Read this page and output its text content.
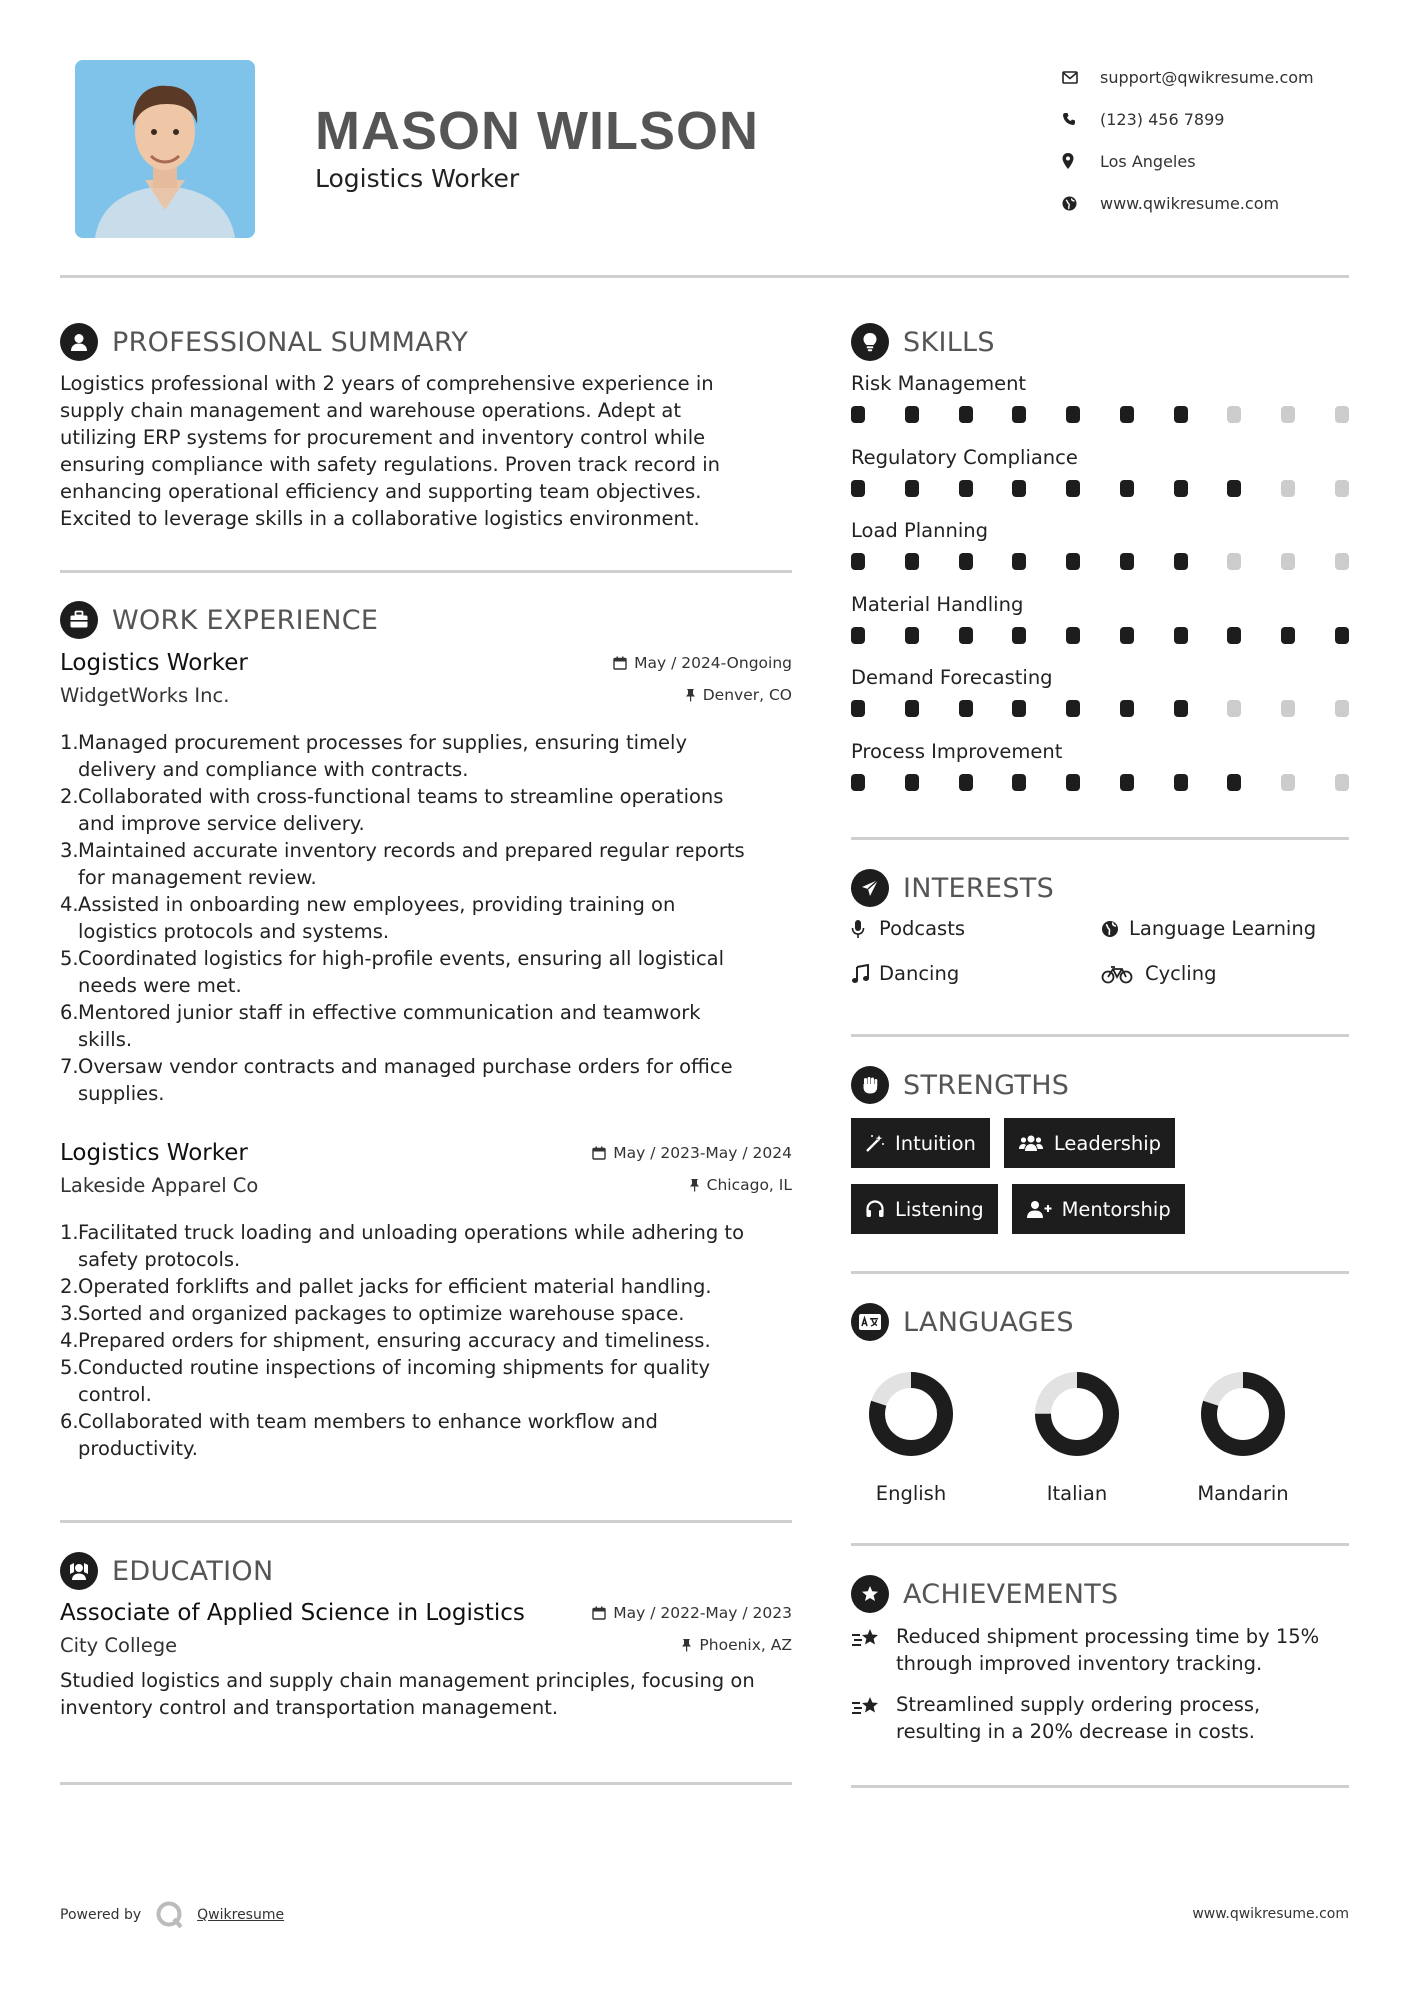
MASON WILSON
Logistics Worker
support@qwikresume.com
(123) 456 7899
Los Angeles
www.qwikresume.com
PROFESSIONAL SUMMARY
Logistics professional with 2 years of comprehensive experience in
supply chain management and warehouse operations. Adept at
utilizing ERP systems for procurement and inventory control while
ensuring compliance with safety regulations. Proven track record in
enhancing operational efficiency and supporting team objectives.
Excited to leverage skills in a collaborative logistics environment.
WORK EXPERIENCE
Logistics Worker	May / 2024-Ongoing
WidgetWorks Inc.	Denver, CO
1. Managed procurement processes for supplies, ensuring timely
delivery and compliance with contracts.
2. Collaborated with cross-functional teams to streamline operations
and improve service delivery.
3. Maintained accurate inventory records and prepared regular reports
for management review.
4. Assisted in onboarding new employees, providing training on
logistics protocols and systems.
5. Coordinated logistics for high-profile events, ensuring all logistical
needs were met.
6. Mentored junior staff in effective communication and teamwork
skills.
7. Oversaw vendor contracts and managed purchase orders for office
supplies.
Logistics Worker	May / 2023-May / 2024
Lakeside Apparel Co	Chicago, IL
1. Facilitated truck loading and unloading operations while adhering to
safety protocols.
2. Operated forklifts and pallet jacks for efficient material handling.
3. Sorted and organized packages to optimize warehouse space.
4. Prepared orders for shipment, ensuring accuracy and timeliness.
5. Conducted routine inspections of incoming shipments for quality
control.
6. Collaborated with team members to enhance workflow and
productivity.
EDUCATION
Associate of Applied Science in Logistics	May / 2022-May / 2023
City College	Phoenix, AZ
Studied logistics and supply chain management principles, focusing on
inventory control and transportation management.
SKILLS
Risk Management
Regulatory Compliance
Load Planning
Material Handling
Demand Forecasting
Process Improvement
INTERESTS
Podcasts	Language Learning
Dancing	Cycling
STRENGTHS
Intuition	Leadership
Listening	Mentorship
LANGUAGES
English	Italian	Mandarin
ACHIEVEMENTS
Reduced shipment processing time by 15%
through improved inventory tracking.
Streamlined supply ordering process,
resulting in a 20% decrease in costs.
Powered by	Qwikresume	www.qwikresume.com
